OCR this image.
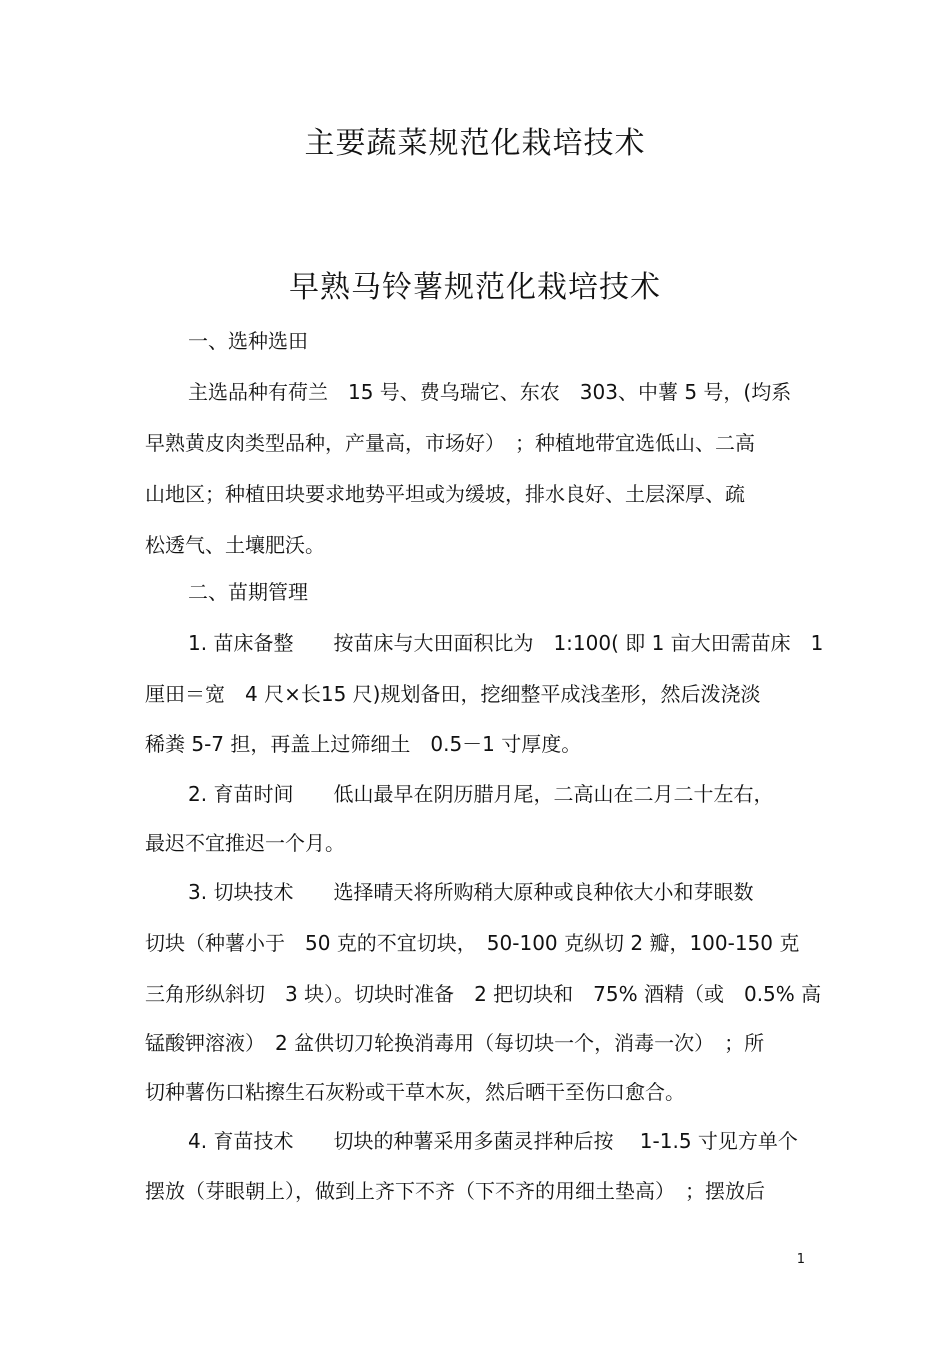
主要蔬菜规范化栽培技术
早熟马铃薯规范化栽培技术

一、选种选田

主选品种有荷兰　15 号、费乌瑞它、东农　303、中薯 5 号，(均系

早熟黄皮肉类型品种，产量高，市场好）　；种植地带宜选低山、二高

山地区；种植田块要求地势平坦或为缓坡，排水良好、土层深厚、疏

松透气、土壤肥沃。

二、苗期管理

1. 苗床备整　　按苗床与大田面积比为　1:100( 即 1 亩大田需苗床　1

厘田＝宽　4 尺×长15 尺)规划备田，挖细整平成浅垄形，然后泼浇淡

稀粪 5-7 担，再盖上过筛细土　0.5－1 寸厚度。

2. 育苗时间　　低山最早在阴历腊月尾，二高山在二月二十左右，

最迟不宜推迟一个月。

3. 切块技术　　选择晴天将所购稍大原种或良种依大小和芽眼数

切块（种薯小于　50 克的不宜切块，　50-100 克纵切 2 瓣，100-150 克

三角形纵斜切　3 块）。切块时准备　2 把切块和　75% 酒精（或　0.5% 高

锰酸钾溶液）　2 盆供切刀轮换消毒用（每切块一个，消毒一次）　；所

切种薯伤口粘擦生石灰粉或干草木灰，然后晒干至伤口愈合。

4. 育苗技术　　切块的种薯采用多菌灵拌种后按　 1-1.5 寸见方单个

摆放（芽眼朝上），做到上齐下不齐（下不齐的用细土垫高）　；摆放后

1
